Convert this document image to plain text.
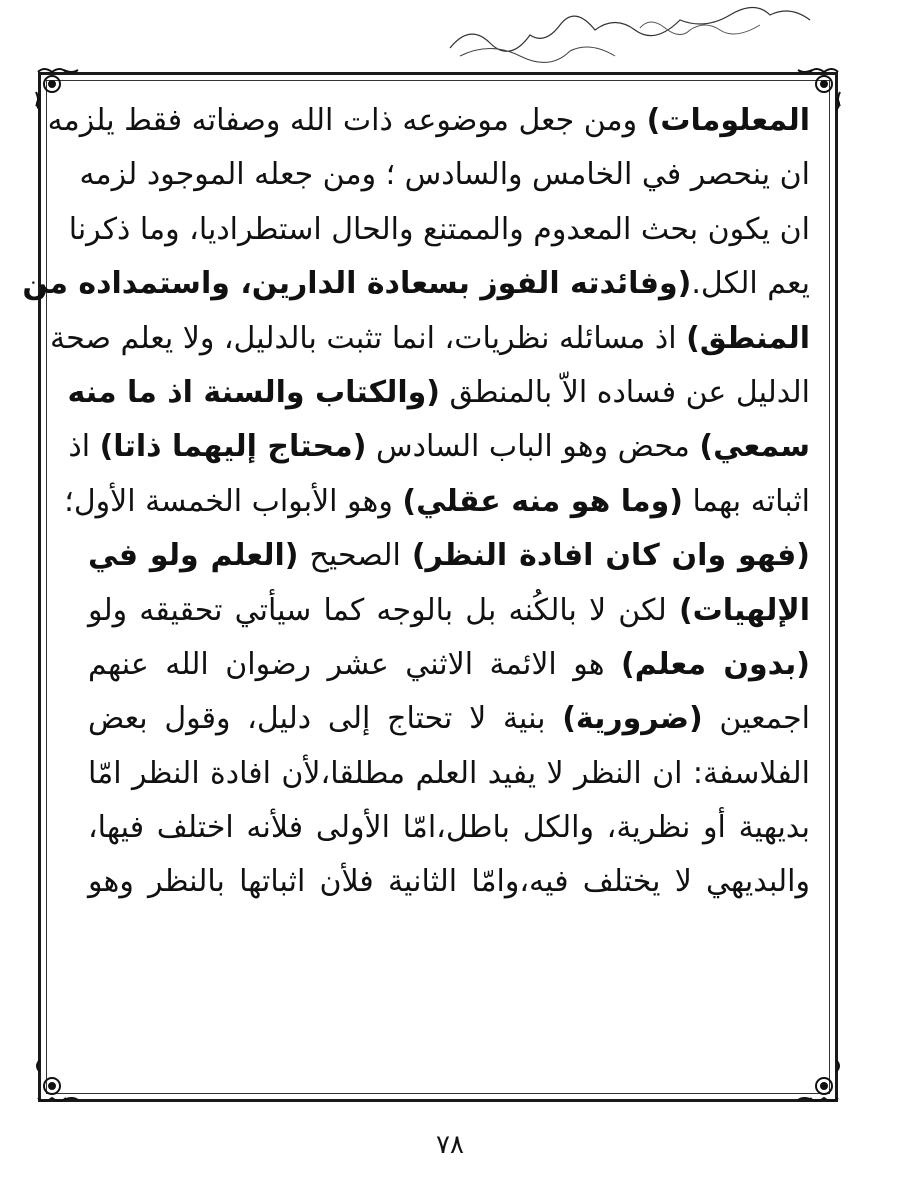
المعلومات) ومن جعل موضوعه ذات الله وصفاته فقط يلزمه
ان ينحصر في الخامس والسادس ؛ ومن جعله الموجود لزمه
ان يكون بحث المعدوم والممتنع والحال استطراديا، وما ذكرنا
يعم الكل.(وفائدته الفوز بسعادة الدارين، واستمداده من
المنطق) اذ مسائله نظريات، انما تثبت بالدليل، ولا يعلم صحة
الدليل عن فساده الاّ بالمنطق (والكتاب والسنة اذ ما منه
سمعي) محض وهو الباب السادس (محتاج إليهما ذاتا) اذ
اثباته بهما (وما هو منه عقلي) وهو الأبواب الخمسة الأول؛
(فهو وان كان افادة النظر) الصحيح (العلم ولو في
الإلهيات) لكن لا بالكُنه بل بالوجه كما سيأتي تحقيقه ولو
(بدون معلم) هو الائمة الاثني عشر رضوان الله عنهم
اجمعين (ضرورية) بنية لا تحتاج إلى دليل، وقول بعض
الفلاسفة: ان النظر لا يفيد العلم مطلقا،لأن افادة النظر امّا
بديهية أو نظرية، والكل باطل،امّا الأولى فلأنه اختلف فيها،
والبديهي لا يختلف فيه،وامّا الثانية فلأن اثباتها بالنظر وهو
٧٨
